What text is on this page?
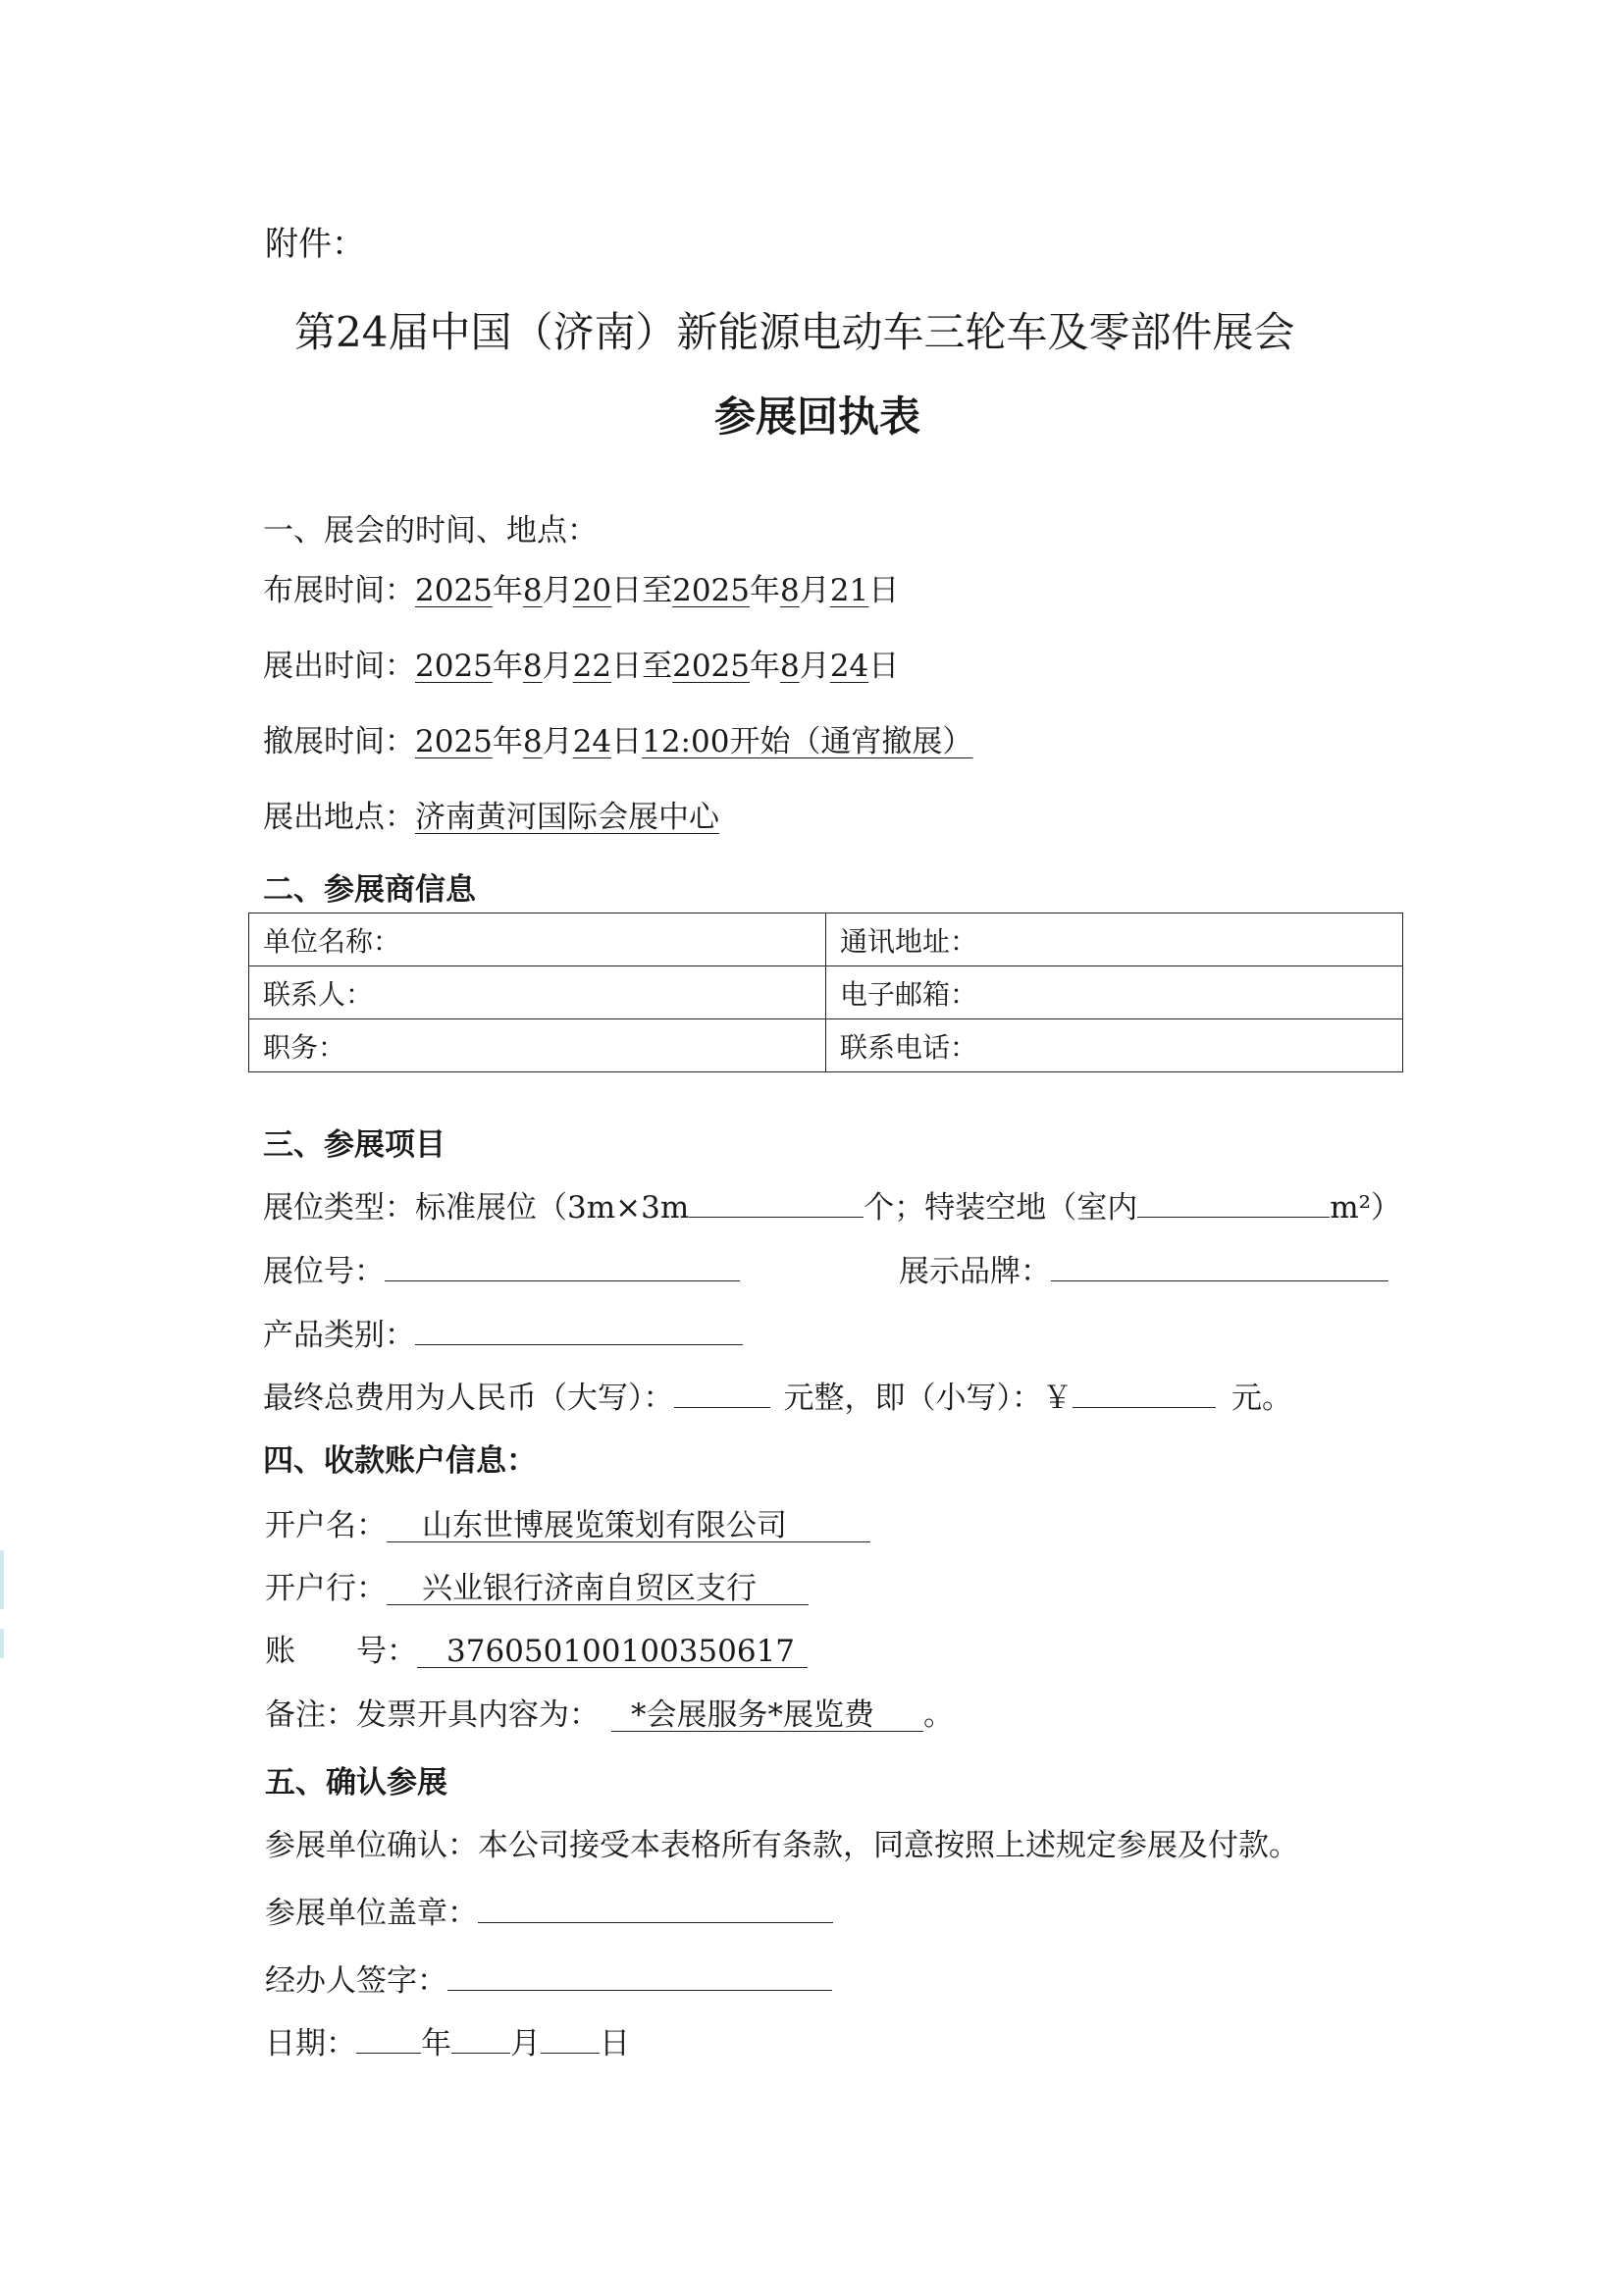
附件：
第24届中国（济南）新能源电动车三轮车及零部件展会
参展回执表
一、展会的时间、地点：
布展时间：2025年8月20日至2025年8月21日
展出时间：2025年8月22日至2025年8月24日
撤展时间：2025年8月24日12:00开始（通宵撤展）
展出地点：济南黄河国际会展中心
二、参展商信息
单位名称：	通讯地址：
联系人：	电子邮箱：
职务：	联系电话：
三、参展项目
展位类型：标准展位（3m×3m	个；特装空地（室内	m²）
展位号：	展示品牌：
产品类别：
最终总费用为人民币（大写）：	元整，即（小写）：￥	元。
四、收款账户信息：
开户名： 山东世博展览策划有限公司
开户行： 兴业银行济南自贸区支行
账　　号： 376050100100350617
备注：发票开具内容为： *会展服务*展览费 。
五、确认参展
参展单位确认：本公司接受本表格所有条款，同意按照上述规定参展及付款。
参展单位盖章：
经办人签字：
日期： 年 月 日
